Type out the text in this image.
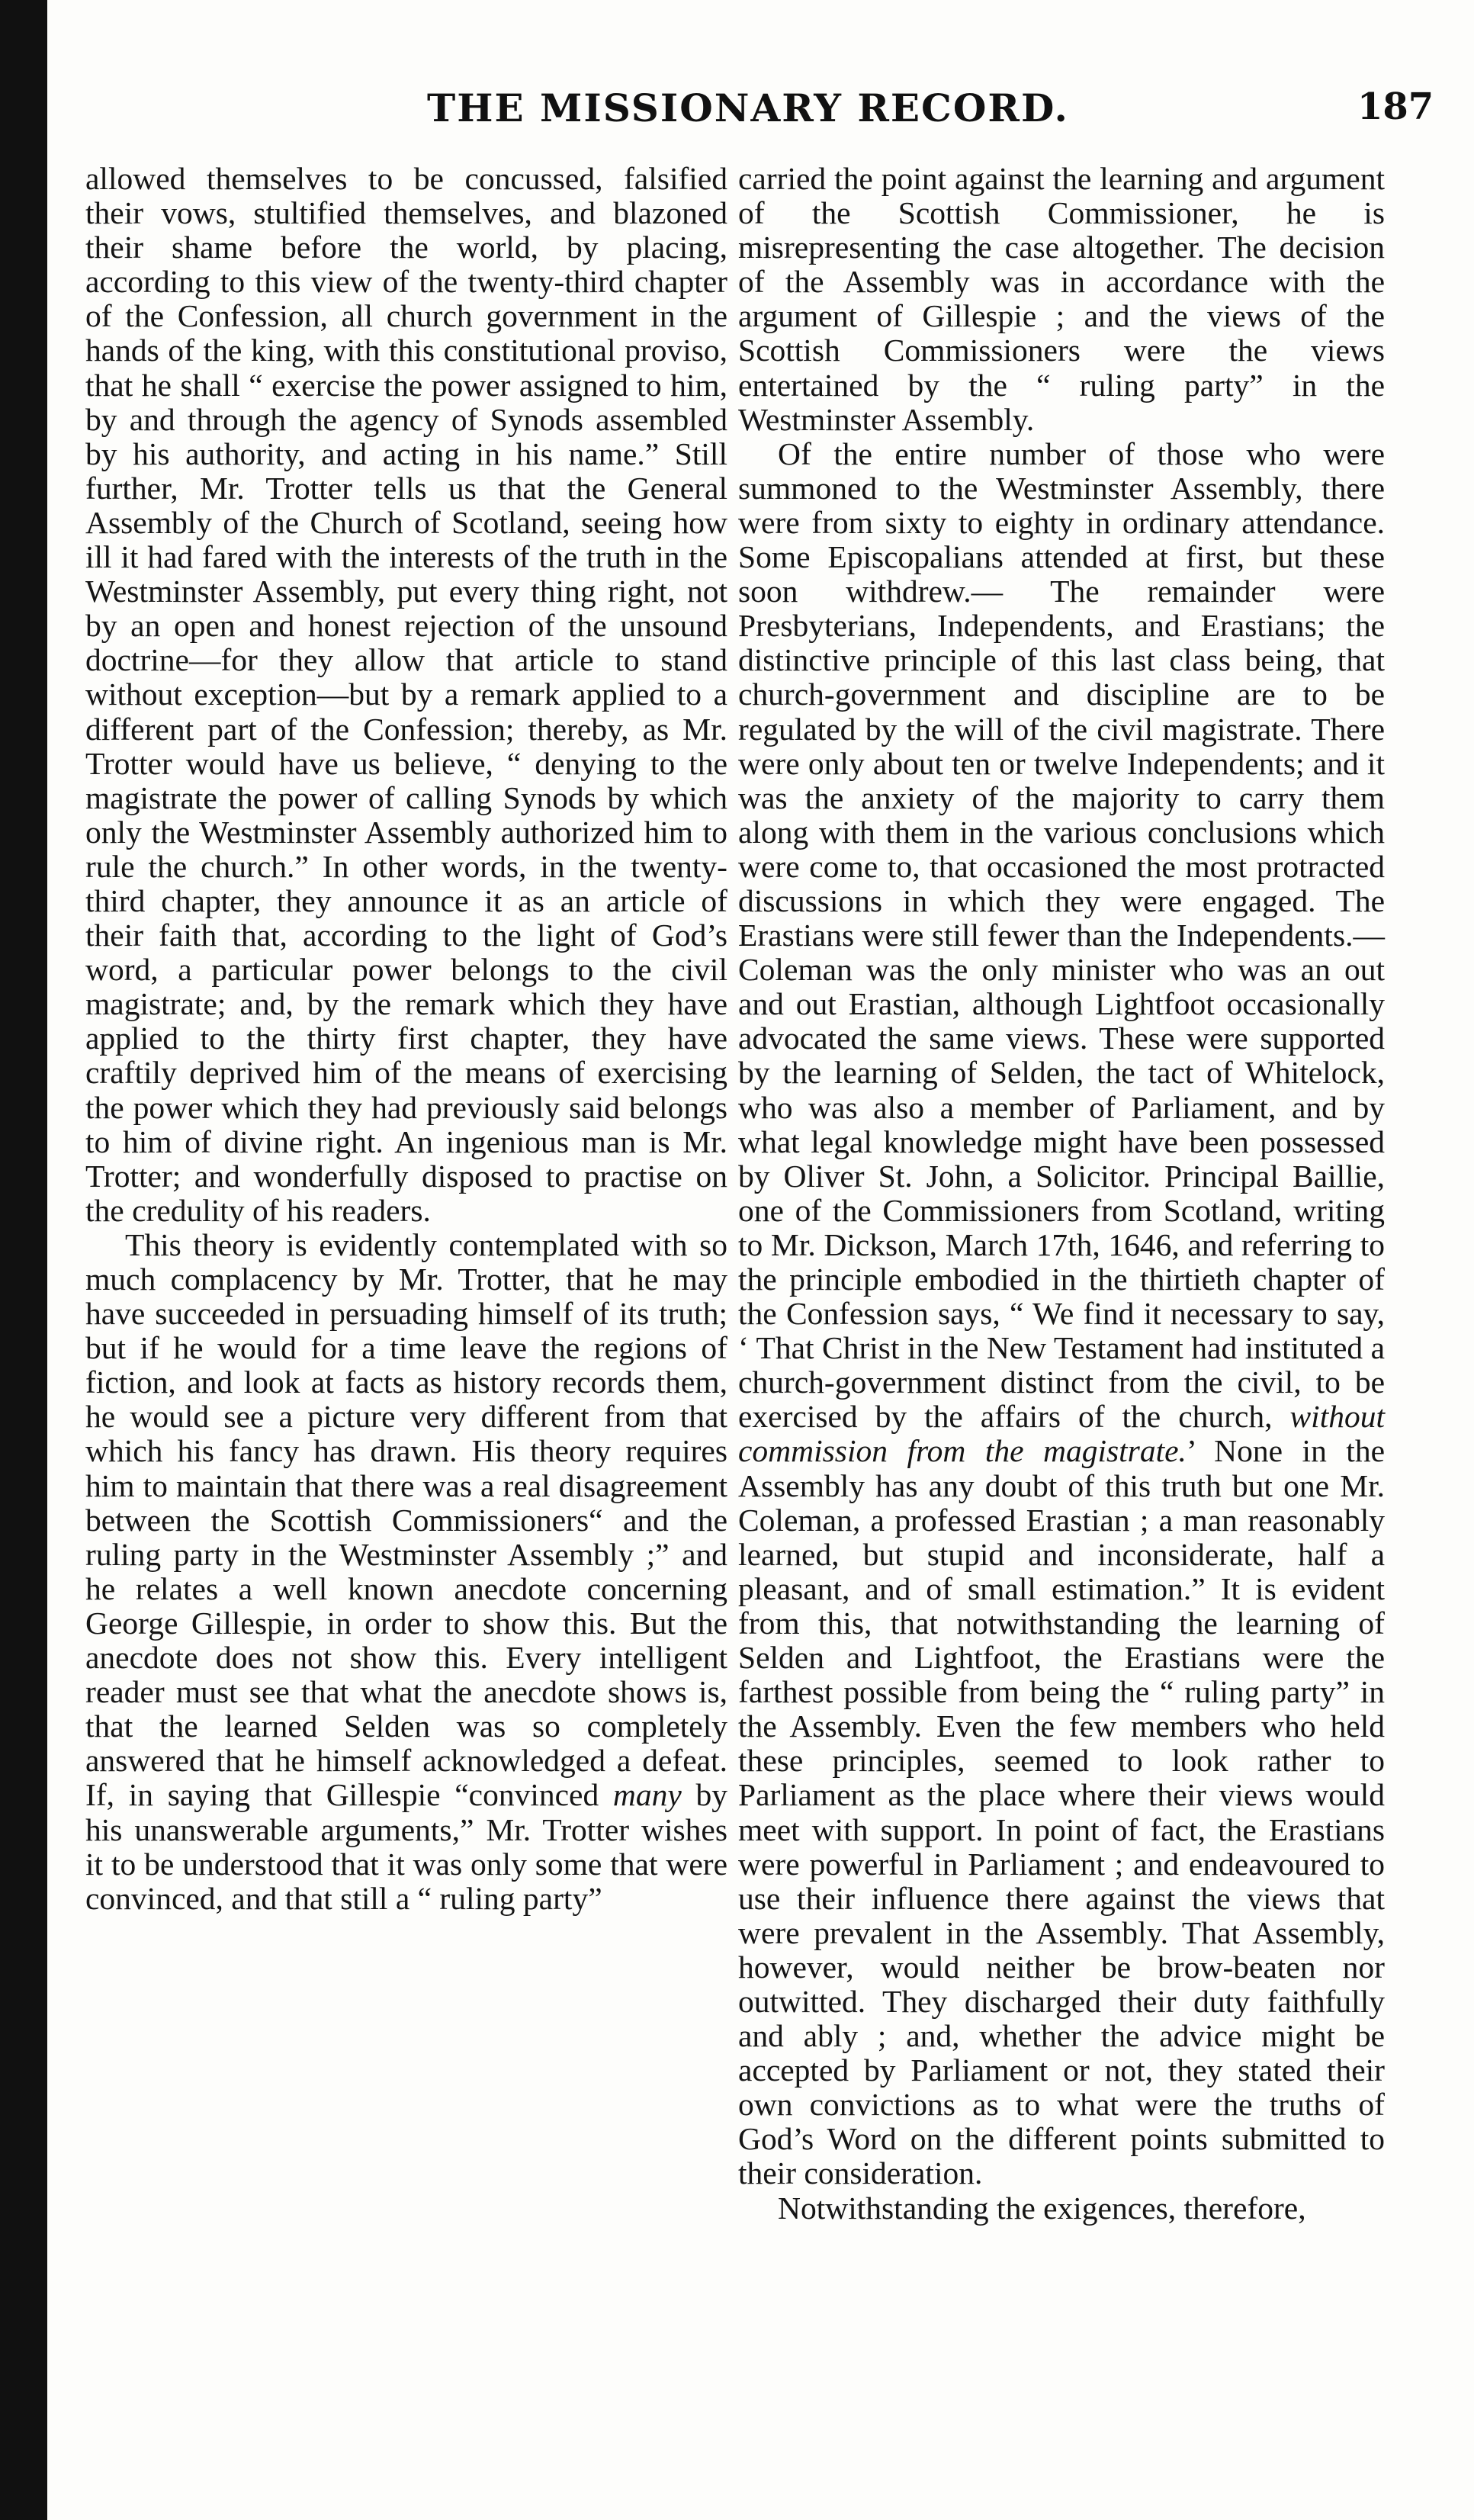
THE MISSIONARY RECORD.	187

allowed themselves to be concussed, falsified their vows, stultified themselves, and blazoned their shame before the world, by placing, according to this view of the twenty-third chapter of the Confession, all church government in the hands of the king, with this constitutional proviso, that he shall “ exercise the power assigned to him, by and through the agency of Synods assembled by his authority, and acting in his name.” Still further, Mr. Trotter tells us that the General Assembly of the Church of Scotland, seeing how ill it had fared with the interests of the truth in the Westminster Assembly, put every thing right, not by an open and honest rejection of the unsound doctrine—for they allow that article to stand without exception—but by a remark applied to a different part of the Confession; thereby, as Mr. Trotter would have us believe, “ denying to the magistrate the power of calling Synods by which only the Westminster Assembly authorized him to rule the church.” In other words, in the twenty-third chapter, they announce it as an article of their faith that, according to the light of God’s word, a particular power belongs to the civil magistrate; and, by the remark which they have applied to the thirty first chapter, they have craftily deprived him of the means of exercising the power which they had previously said belongs to him of divine right. An ingenious man is Mr. Trotter; and wonderfully disposed to practise on the credulity of his readers.

This theory is evidently contemplated with so much complacency by Mr. Trotter, that he may have succeeded in persuading himself of its truth; but if he would for a time leave the regions of fiction, and look at facts as history records them, he would see a picture very different from that which his fancy has drawn. His theory requires him to maintain that there was a real disagreement between the Scottish Commissioners“ and the ruling party in the Westminster Assembly ;” and he relates a well known anecdote concerning George Gillespie, in order to show this. But the anecdote does not show this. Every intelligent reader must see that what the anecdote shows is, that the learned Selden was so completely answered that he himself acknowledged a defeat. If, in saying that Gillespie “convinced many by his unanswerable arguments,” Mr. Trotter wishes it to be understood that it was only some that were convinced, and that still a “ ruling party”

carried the point against the learning and argument of the Scottish Commissioner, he is misrepresenting the case altogether. The decision of the Assembly was in accordance with the argument of Gillespie ; and the views of the Scottish Commissioners were the views entertained by the “ ruling party” in the Westminster Assembly.

Of the entire number of those who were summoned to the Westminster Assembly, there were from sixty to eighty in ordinary attendance. Some Episcopalians attended at first, but these soon withdrew.— The remainder were Presbyterians, Independents, and Erastians; the distinctive principle of this last class being, that church-government and discipline are to be regulated by the will of the civil magistrate. There were only about ten or twelve Independents; and it was the anxiety of the majority to carry them along with them in the various conclusions which were come to, that occasioned the most protracted discussions in which they were engaged. The Erastians were still fewer than the Independents.— Coleman was the only minister who was an out and out Erastian, although Lightfoot occasionally advocated the same views. These were supported by the learning of Selden, the tact of Whitelock, who was also a member of Parliament, and by what legal knowledge might have been possessed by Oliver St. John, a Solicitor. Principal Baillie, one of the Commissioners from Scotland, writing to Mr. Dickson, March 17th, 1646, and referring to the principle embodied in the thirtieth chapter of the Confession says, “ We find it necessary to say, ‘ That Christ in the New Testament had instituted a church-government distinct from the civil, to be exercised by the affairs of the church, without commission from the magistrate.’ None in the Assembly has any doubt of this truth but one Mr. Coleman, a professed Erastian ; a man reasonably learned, but stupid and inconsiderate, half a pleasant, and of small estimation.” It is evident from this, that notwithstanding the learning of Selden and Lightfoot, the Erastians were the farthest possible from being the “ ruling party” in the Assembly. Even the few members who held these principles, seemed to look rather to Parliament as the place where their views would meet with support. In point of fact, the Erastians were powerful in Parliament ; and endeavoured to use their influence there against the views that were prevalent in the Assembly. That Assembly, however, would neither be brow-beaten nor outwitted. They discharged their duty faithfully and ably ; and, whether the advice might be accepted by Parliament or not, they stated their own convictions as to what were the truths of God’s Word on the different points submitted to their consideration.

Notwithstanding the exigences, therefore,
